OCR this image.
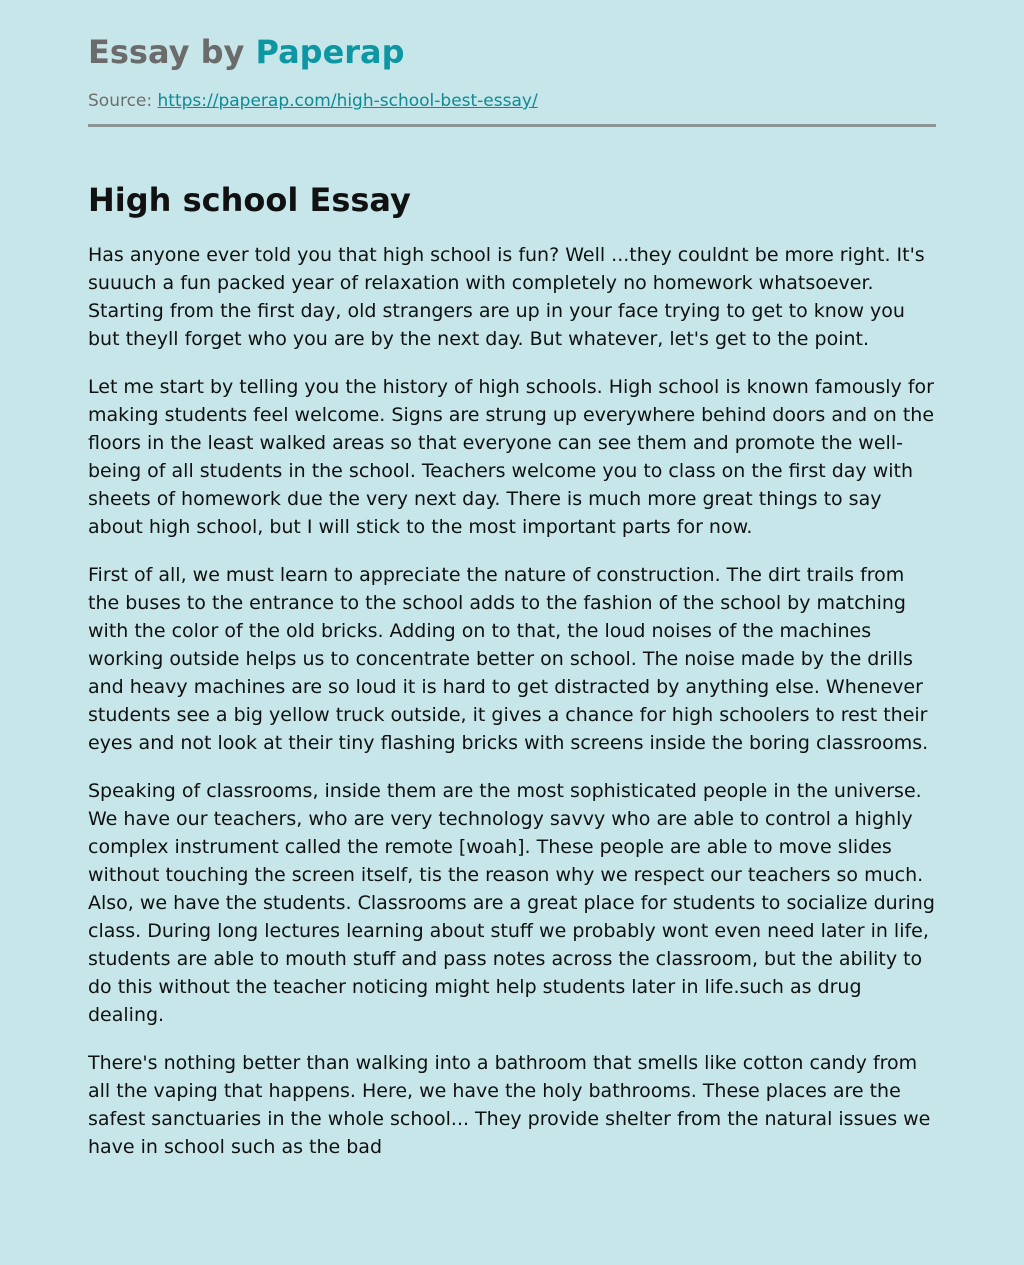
Essay by Paperap
Source: https://paperap.com/high-school-best-essay/
High school Essay

Has anyone ever told you that high school is fun? Well ...they couldnt be more right. It's suuuch a fun packed year of relaxation with completely no homework whatsoever. Starting from the first day, old strangers are up in your face trying to get to know you but theyll forget who you are by the next day. But whatever, let's get to the point.

Let me start by telling you the history of high schools. High school is known famously for making students feel welcome. Signs are strung up everywhere behind doors and on the floors in the least walked areas so that everyone can see them and promote the well-being of all students in the school. Teachers welcome you to class on the first day with sheets of homework due the very next day. There is much more great things to say about high school, but I will stick to the most important parts for now.

First of all, we must learn to appreciate the nature of construction. The dirt trails from the buses to the entrance to the school adds to the fashion of the school by matching with the color of the old bricks. Adding on to that, the loud noises of the machines working outside helps us to concentrate better on school. The noise made by the drills and heavy machines are so loud it is hard to get distracted by anything else. Whenever students see a big yellow truck outside, it gives a chance for high schoolers to rest their eyes and not look at their tiny flashing bricks with screens inside the boring classrooms.

Speaking of classrooms, inside them are the most sophisticated people in the universe. We have our teachers, who are very technology savvy who are able to control a highly complex instrument called the remote [woah]. These people are able to move slides without touching the screen itself, tis the reason why we respect our teachers so much. Also, we have the students. Classrooms are a great place for students to socialize during class. During long lectures learning about stuff we probably wont even need later in life, students are able to mouth stuff and pass notes across the classroom, but the ability to do this without the teacher noticing might help students later in life.such as drug dealing.

There's nothing better than walking into a bathroom that smells like cotton candy from all the vaping that happens. Here, we have the holy bathrooms. These places are the safest sanctuaries in the whole school... They provide shelter from the natural issues we have in school such as the bad
